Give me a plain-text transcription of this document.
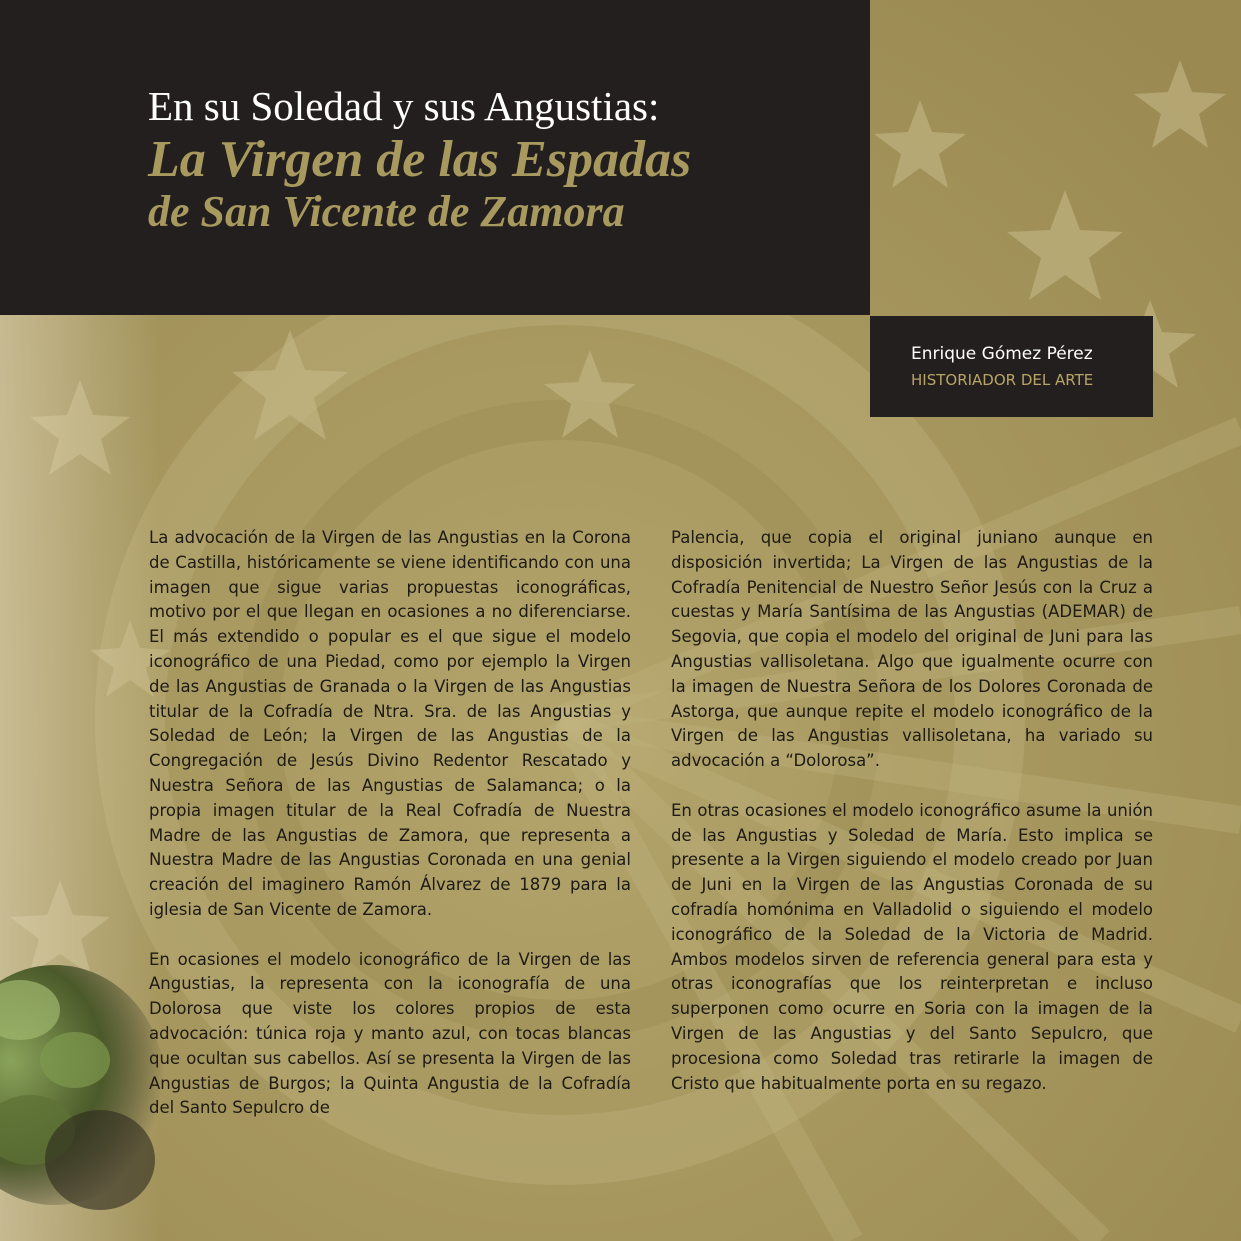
En su Soledad y sus Angustias:
La Virgen de las Espadas
de San Vicente de Zamora
Enrique Gómez Pérez
HISTORIADOR DEL ARTE

La advocación de la Virgen de las Angustias en la Corona de Castilla, históricamente se viene identificando con una imagen que sigue varias propuestas iconográficas, motivo por el que llegan en ocasiones a no diferenciarse. El más extendido o popular es el que sigue el modelo iconográfico de una Piedad, como por ejemplo la Virgen de las Angustias de Granada o la Virgen de las Angustias titular de la Cofradía de Ntra. Sra. de las Angustias y Soledad de León; la Virgen de las Angustias de la Congregación de Jesús Divino Redentor Rescatado y Nuestra Señora de las Angustias de Salamanca; o la propia imagen titular de la Real Cofradía de Nuestra Madre de las Angustias de Zamora, que representa a Nuestra Madre de las Angustias Coronada en una genial creación del imaginero Ramón Álvarez de 1879 para la iglesia de San Vicente de Zamora.

En ocasiones el modelo iconográfico de la Virgen de las Angustias, la representa con la iconografía de una Dolorosa que viste los colores propios de esta advocación: túnica roja y manto azul, con tocas blancas que ocultan sus cabellos. Así se presenta la Virgen de las Angustias de Burgos; la Quinta Angustia de la Cofradía del Santo Sepulcro de

Palencia, que copia el original juniano aunque en disposición invertida; La Virgen de las Angustias de la Cofradía Penitencial de Nuestro Señor Jesús con la Cruz a cuestas y María Santísima de las Angustias (ADEMAR) de Segovia, que copia el modelo del original de Juni para las Angustias vallisoletana. Algo que igualmente ocurre con la imagen de Nuestra Señora de los Dolores Coronada de Astorga, que aunque repite el modelo iconográfico de la Virgen de las Angustias vallisoletana, ha variado su advocación a “Dolorosa”.

En otras ocasiones el modelo iconográfico asume la unión de las Angustias y Soledad de María. Esto implica se presente a la Virgen siguiendo el modelo creado por Juan de Juni en la Virgen de las Angustias Coronada de su cofradía homónima en Valladolid o siguiendo el modelo iconográfico de la Soledad de la Victoria de Madrid. Ambos modelos sirven de referencia general para esta y otras iconografías que los reinterpretan e incluso superponen como ocurre en Soria con la imagen de la Virgen de las Angustias y del Santo Sepulcro, que procesiona como Soledad tras retirarle la imagen de Cristo que habitualmente porta en su regazo.
